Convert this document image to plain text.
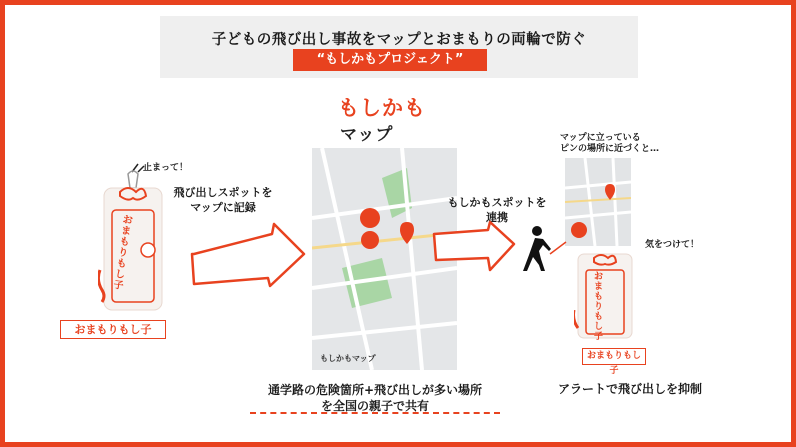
子どもの飛び出し事故をマップとおまもりの両輪で防ぐ
“もしかもプロジェクト”
止まって！
おまもりもし子
おまもりもし子
飛び出しスポットを
マップに記録
もしかも
マップ
もしかもマップ
もしかもスポットを
連携
マップに立っている
ピンの場所に近づくと…
気をつけて！
おまもりもし子
おまもりもし子
アラートで飛び出しを抑制
通学路の危険箇所+飛び出しが多い場所
を全国の親子で共有
